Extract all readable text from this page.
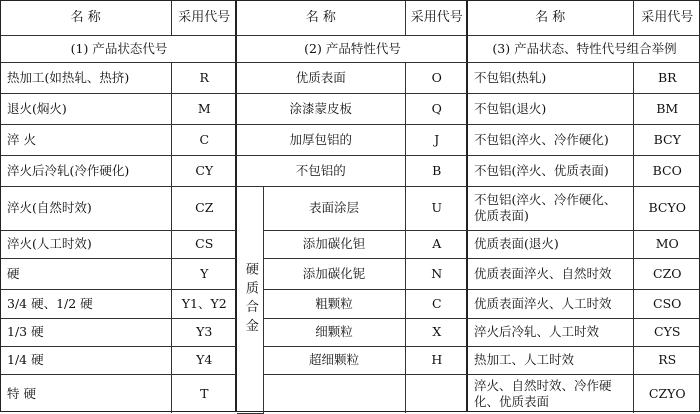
名 称	采用代号
(1) 产品状态代号	
热加工(如热轧、热挤)	R
退火(焖火)	M
淬 火	C
淬火后冷轧(冷作硬化)	CY
淬火(自然时效)	CZ
淬火(人工时效)	CS
硬	Y
3/4 硬、1/2 硬	Y1、Y2
1/3 硬	Y3
1/4 硬	Y4
特 硬	T
名 称		采用代号
(2) 产品特性代号		
优质表面		O
涂漆蒙皮板		Q
加厚包铝的		J
不包铝的		B
硬质合金	表面涂层	U
	添加碳化钽	A
	添加碳化铌	N
	粗颗粒	C
	细颗粒	X
	超细颗粒	H

名 称	采用代号
(3) 产品状态、特性代号组合举例	
不包铝(热轧)	BR
不包铝(退火)	BM
不包铝(淬火、冷作硬化)	BCY
不包铝(淬火、优质表面)	BCO
不包铝(淬火、冷作硬化、优质表面)	BCYO
优质表面(退火)	MO
优质表面淬火、自然时效	CZO
优质表面淬火、人工时效	CSO
淬火后冷轧、人工时效	CYS
热加工、人工时效	RS
淬火、自然时效、冷作硬化、优质表面	CZYO
